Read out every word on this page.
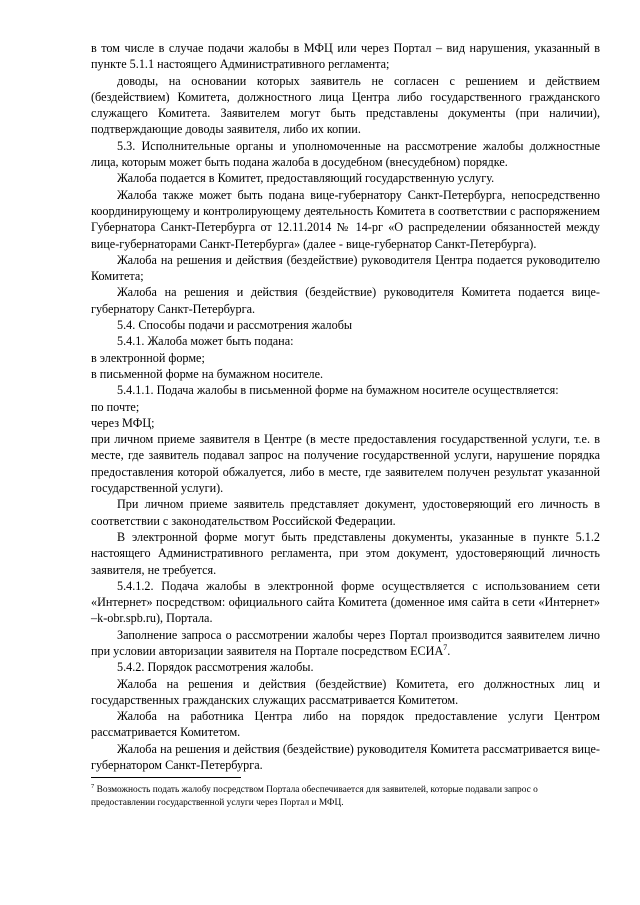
в том числе в случае подачи жалобы в МФЦ или через Портал – вид нарушения, указанный в пункте 5.1.1 настоящего Административного регламента;

доводы, на основании которых заявитель не согласен с решением и действием (бездействием) Комитета, должностного лица Центра либо государственного гражданского служащего Комитета. Заявителем могут быть представлены документы (при наличии), подтверждающие доводы заявителя, либо их копии.

5.3. Исполнительные органы и уполномоченные на рассмотрение жалобы должностные лица, которым может быть подана жалоба в досудебном (внесудебном) порядке.

Жалоба подается в Комитет, предоставляющий государственную услугу.

Жалоба также может быть подана вице-губернатору Санкт-Петербурга, непосредственно координирующему и контролирующему деятельность Комитета в соответствии с распоряжением Губернатора Санкт-Петербурга от 12.11.2014 № 14-рг «О распределении обязанностей между вице-губернаторами Санкт-Петербурга» (далее - вице-губернатор Санкт-Петербурга).

Жалоба на решения и действия (бездействие) руководителя Центра подается руководителю Комитета;

Жалоба на решения и действия (бездействие) руководителя Комитета подается вице-губернатору Санкт-Петербурга.

5.4. Способы подачи и рассмотрения жалобы

5.4.1. Жалоба может быть подана:

в электронной форме;

в письменной форме на бумажном носителе.

5.4.1.1. Подача жалобы в письменной форме на бумажном носителе осуществляется:

по почте;

через МФЦ;

при личном приеме заявителя в Центре (в месте предоставления государственной услуги, т.е. в месте, где заявитель подавал запрос на получение государственной услуги, нарушение порядка предоставления которой обжалуется, либо в месте, где заявителем получен результат указанной государственной услуги).

При личном приеме заявитель представляет документ, удостоверяющий его личность в соответствии с законодательством Российской Федерации.

В электронной форме могут быть представлены документы, указанные в пункте 5.1.2 настоящего Административного регламента, при этом документ, удостоверяющий личность заявителя, не требуется.

5.4.1.2. Подача жалобы в электронной форме осуществляется с использованием сети «Интернет» посредством: официального сайта Комитета (доменное имя сайта в сети «Интернет» –k-obr.spb.ru), Портала.

Заполнение запроса о рассмотрении жалобы через Портал производится заявителем лично при условии авторизации заявителя на Портале посредством ЕСИА$^7$.

5.4.2. Порядок рассмотрения жалобы.

Жалоба на решения и действия (бездействие) Комитета, его должностных лиц и государственных гражданских служащих рассматривается Комитетом.

Жалоба на работника Центра либо на порядок предоставление услуги Центром рассматривается Комитетом.

Жалоба на решения и действия (бездействие) руководителя Комитета рассматривается вице-губернатором Санкт-Петербурга.

$^7$ Возможность подать жалобу посредством Портала обеспечивается для заявителей, которые подавали запрос о предоставлении государственной услуги через Портал и МФЦ.
